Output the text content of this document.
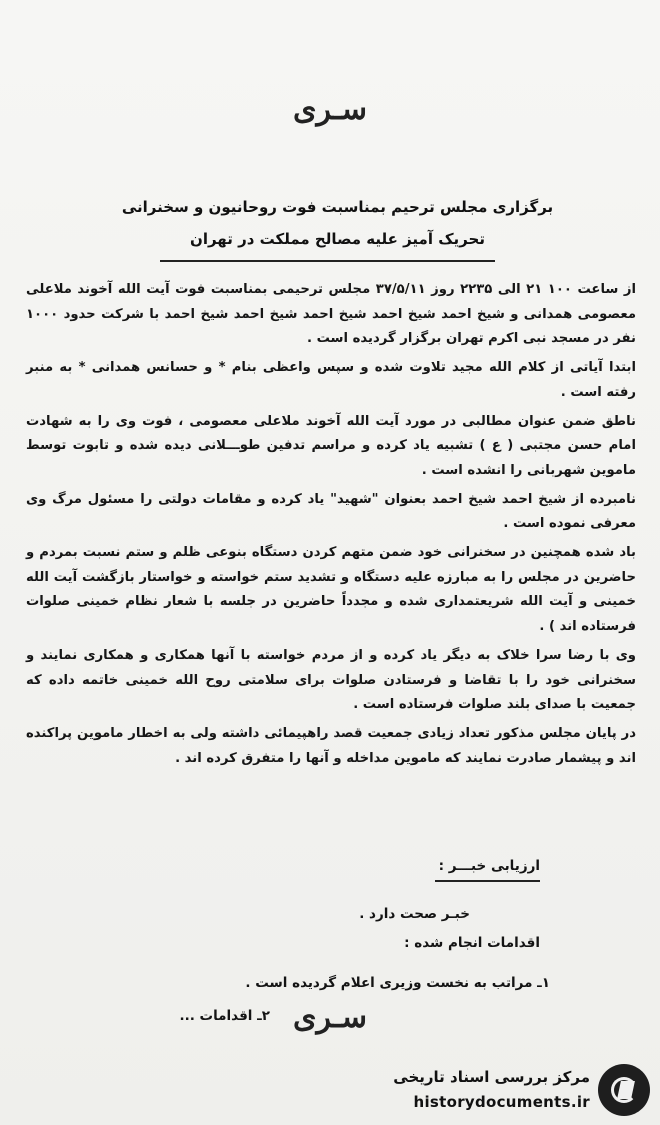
سـری
برگزاری مجلس ترحیم بمناسبت فوت روحانیون و سخنرانی
تحریک آمیز علیه مصالح مملکت در تهران

از ساعت ۱۰۰ ۲۱ الی ۲۲۳۵ روز ۳۷/۵/۱۱ مجلس ترحیمی بمناسبت فوت آیت الله آخوند ملاعلی معصومی همدانی و شیخ احمد شیخ احمد شیخ احمد شیخ احمد شیخ احمد با شرکت حدود ۱۰۰۰ نفر در مسجد نبی اکرم تهران برگزار گردیده است .

ابتدا آیاتی از کلام الله مجید تلاوت شده و سپس واعظی بنام * و حسانس همدانی * به منبر رفته است .

ناطق ضمن عنوان مطالبی در مورد آیت الله آخوند ملاعلی معصومی ، فوت وی را به شهادت امام حسن مجتبی ( ع ) تشبیه یاد کرده و مراسم تدفین طوـــلانی دیده شده و تابوت توسط ماموین شهربانی را انشده است .

نامبرده از شیخ احمد شیخ احمد بعنوان "شهید" یاد کرده و مقامات دولتی را مسئول مرگ وی معرفی نموده است .

باد شده همچنین در سخنرانی خود ضمن متهم کردن دستگاه بنوعی ظلم و ستم نسبت بمردم و حاضرین در مجلس را به مبارزه علیه دستگاه و تشدید ستم خواسته و خواستار بازگشت آیت الله خمینی و آیت الله شریعتمداری شده و مجدداً حاضرین در جلسه با شعار نظام خمینی صلوات فرستاده اند ) .

وی با رضا سرا خلاک به دیگر یاد کرده و از مردم خواسته با آنها همکاری و همکاری نمایند و سخنرانی خود را با تقاضا و فرستادن صلوات برای سلامتی روح الله خمینی خاتمه داده که جمعیت با صدای بلند صلوات فرستاده است .

در پایان مجلس مذکور تعداد زیادی جمعیت قصد راهپیمائی داشته ولی به اخطار ماموین پراکنده اند و پیشمار صادرت نمایند که ماموین مداخله و آنها را متفرق کرده اند .

ارزیابی خبـــر :
خبـر صحت دارد .
اقدامات انجام شده :
۱ـ مراتب به نخست وزیری اعلام گردیده است .
۲ـ اقدامات ... سـری
مرکز بررسی اسناد تاریخی
historydocuments.ir
